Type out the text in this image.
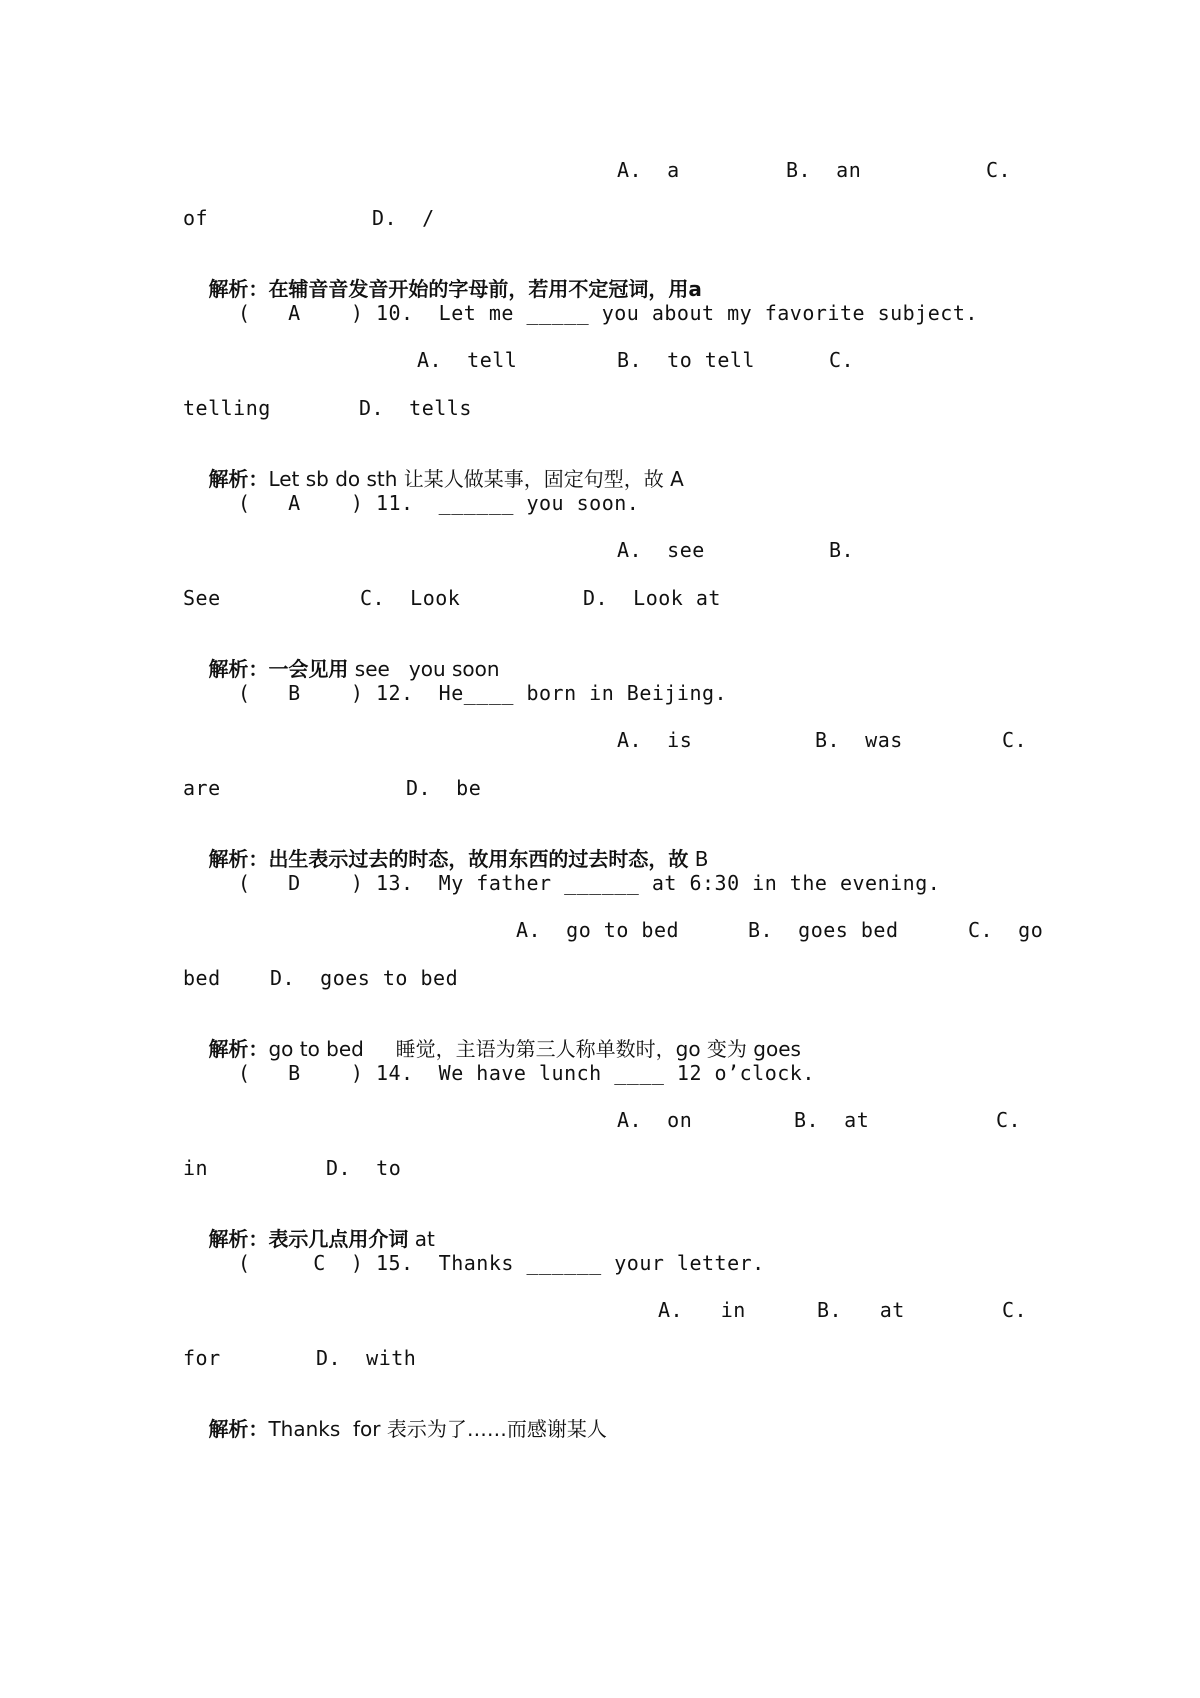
A.  a	B.  an	C.
of	D.  /

解析：在辅音音发音开始的字母前，若用不定冠词，用a

(   A    ) 10.  Let me _____ you about my favorite subject.
A.  tell	B.  to tell	C.
telling	D.  tells

解析：Let sb do sth 让某人做某事，固定句型，故 A

(   A    ) 11.  ______ you soon.
A.  see	B.
See	C.  Look	D.  Look at

解析：一会见用 see   you soon

(   B    ) 12.  He____ born in Beijing.
A.  is	B.  was	C.
are	D.  be

解析：出生表示过去的时态，故用东西的过去时态，故 B

(   D    ) 13.  My father ______ at 6:30 in the evening.
A.  go to bed	B.  goes bed	C.  go
bed D.  goes to bed

解析：go to bed     睡觉，主语为第三人称单数时，go 变为 goes

(   B    ) 14.  We have lunch ____ 12 o’clock.
A.  on	B.  at	C.
in	D.  to

解析：表示几点用介词 at

(     C  ) 15.  Thanks ______ your letter.
A.   in	B.   at	C.
for	D.  with

解析：Thanks  for 表示为了……而感谢某人
